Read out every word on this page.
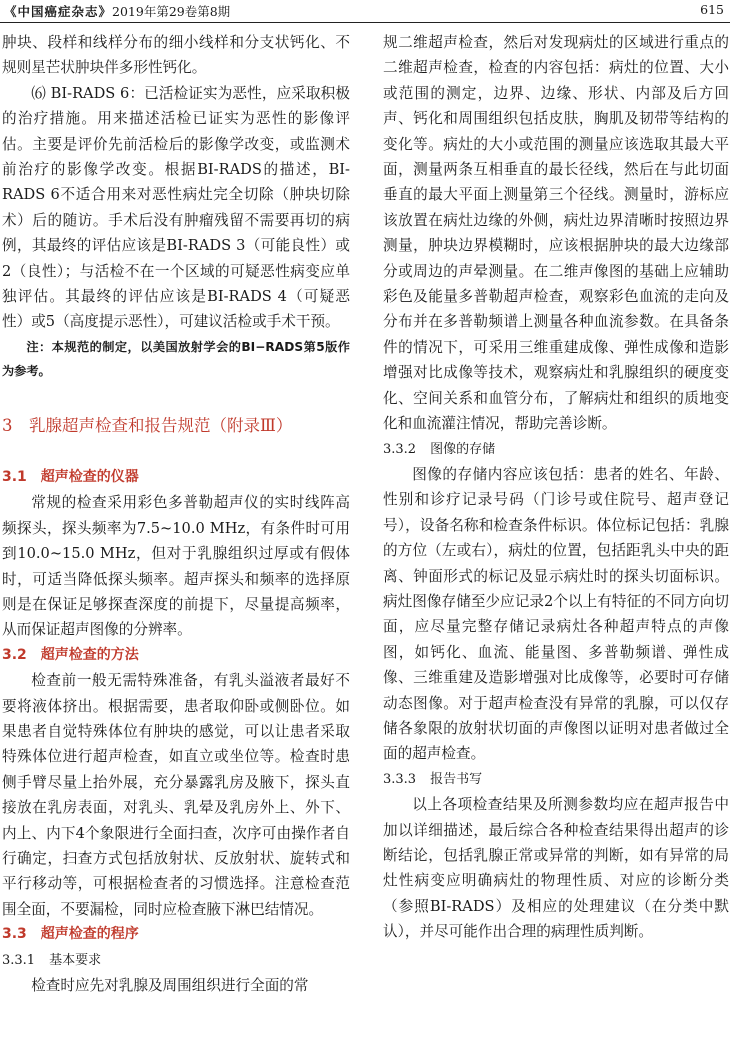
《中国癌症杂志》2019年第29卷第8期	615

肿块、段样和线样分布的细小线样和分支状钙化、不规则星芒状肿块伴多形性钙化。

⑹ BI-RADS 6：已活检证实为恶性，应采取积极的治疗措施。用来描述活检已证实为恶性的影像评估。主要是评价先前活检后的影像学改变，或监测术前治疗的影像学改变。根据BI-RADS的描述，BI-RADS 6不适合用来对恶性病灶完全切除（肿块切除术）后的随访。手术后没有肿瘤残留不需要再切的病例，其最终的评估应该是BI-RADS 3（可能良性）或2（良性）；与活检不在一个区域的可疑恶性病变应单独评估。其最终的评估应该是BI-RADS 4（可疑恶性）或5（高度提示恶性），可建议活检或手术干预。

注：本规范的制定，以美国放射学会的BI−RADS第5版作为参考。

3　乳腺超声检查和报告规范（附录Ⅲ）

3.1　超声检查的仪器

常规的检查采用彩色多普勒超声仪的实时线阵高频探头，探头频率为7.5~10.0 MHz，有条件时可用到10.0~15.0 MHz，但对于乳腺组织过厚或有假体时，可适当降低探头频率。超声探头和频率的选择原则是在保证足够探查深度的前提下，尽量提高频率，从而保证超声图像的分辨率。

3.2　超声检查的方法

检查前一般无需特殊准备，有乳头溢液者最好不要将液体挤出。根据需要，患者取仰卧或侧卧位。如果患者自觉特殊体位有肿块的感觉，可以让患者采取特殊体位进行超声检查，如直立或坐位等。检查时患侧手臂尽量上抬外展，充分暴露乳房及腋下，探头直接放在乳房表面，对乳头、乳晕及乳房外上、外下、内上、内下4个象限进行全面扫查，次序可由操作者自行确定，扫查方式包括放射状、反放射状、旋转式和平行移动等，可根据检查者的习惯选择。注意检查范围全面，不要漏检，同时应检查腋下淋巴结情况。

3.3　超声检查的程序

3.3.1 基本要求

检查时应先对乳腺及周围组织进行全面的常

规二维超声检查，然后对发现病灶的区域进行重点的二维超声检查，检查的内容包括：病灶的位置、大小或范围的测定，边界、边缘、形状、内部及后方回声、钙化和周围组织包括皮肤，胸肌及韧带等结构的变化等。病灶的大小或范围的测量应该选取其最大平面，测量两条互相垂直的最长径线，然后在与此切面垂直的最大平面上测量第三个径线。测量时，游标应该放置在病灶边缘的外侧，病灶边界清晰时按照边界测量，肿块边界模糊时，应该根据肿块的最大边缘部分或周边的声晕测量。在二维声像图的基础上应辅助彩色及能量多普勒超声检查，观察彩色血流的走向及分布并在多普勒频谱上测量各种血流参数。在具备条件的情况下，可采用三维重建成像、弹性成像和造影增强对比成像等技术，观察病灶和乳腺组织的硬度变化、空间关系和血管分布，了解病灶和组织的质地变化和血流灌注情况，帮助完善诊断。

3.3.2 图像的存储

图像的存储内容应该包括：患者的姓名、年龄、性别和诊疗记录号码（门诊号或住院号、超声登记号），设备名称和检查条件标识。体位标记包括：乳腺的方位（左或右），病灶的位置，包括距乳头中央的距离、钟面形式的标记及显示病灶时的探头切面标识。病灶图像存储至少应记录2个以上有特征的不同方向切面，应尽量完整存储记录病灶各种超声特点的声像图，如钙化、血流、能量图、多普勒频谱、弹性成像、三维重建及造影增强对比成像等，必要时可存储动态图像。对于超声检查没有异常的乳腺，可以仅存储各象限的放射状切面的声像图以证明对患者做过全面的超声检查。

3.3.3 报告书写

以上各项检查结果及所测参数均应在超声报告中加以详细描述，最后综合各种检查结果得出超声的诊断结论，包括乳腺正常或异常的判断，如有异常的局灶性病变应明确病灶的物理性质、对应的诊断分类（参照BI-RADS）及相应的处理建议（在分类中默认），并尽可能作出合理的病理性质判断。
